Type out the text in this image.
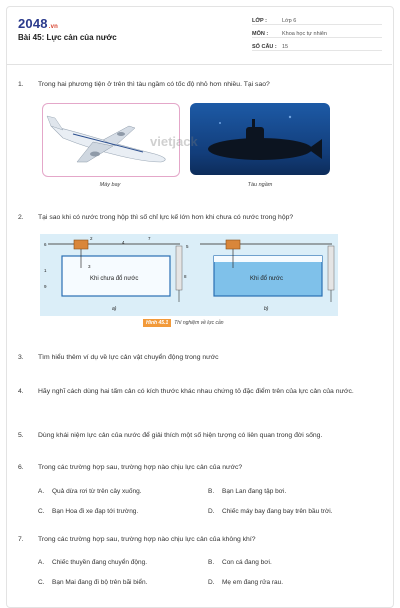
2048.vn
Bài 45: Lực cản của nước
LỚP :	Lớp 6
MÔN :	Khoa học tự nhiên
SỐ CÂU : 15
1.	Trong hai phương tiện ở trên thì tàu ngầm có tốc độ nhỏ hơn nhiều. Tại sao?
vietjack
Máy bay	Tàu ngầm
2.	Tại sao khi có nước trong hộp thì số chỉ lực kế lớn hơn khi chưa có nước trong hộp?
Khi chưa đổ nước	Khi đổ nước
a)	b)
6
2
3
4
7
5
1
9
8
Hình 45.1	Thí nghiệm về lực cản
3.	Tìm hiểu thêm ví dụ về lực cản vật chuyển động trong nước
4.	Hãy nghĩ cách dùng hai tấm cản có kích thước khác nhau chứng tỏ đặc điểm trên của lực cản của nước.
5.	Dùng khái niệm lực cản của nước để giải thích một số hiện tượng có liên quan trong đời sống.
6.	Trong các trường hợp sau, trường hợp nào chịu lực cản của nước?
A.	Quả dừa rơi từ trên cây xuống.	B.	Bạn Lan đang tập bơi.
C.	Bạn Hoa đi xe đạp tới trường.	D.	Chiếc máy bay đang bay trên bầu trời.
7.	Trong các trường hợp sau, trường hợp nào chịu lực cản của không khí?
A.	Chiếc thuyền đang chuyển động.	B.	Con cá đang bơi.
C.	Bạn Mai đang đi bộ trên bãi biển.	D.	Mẹ em đang rửa rau.
